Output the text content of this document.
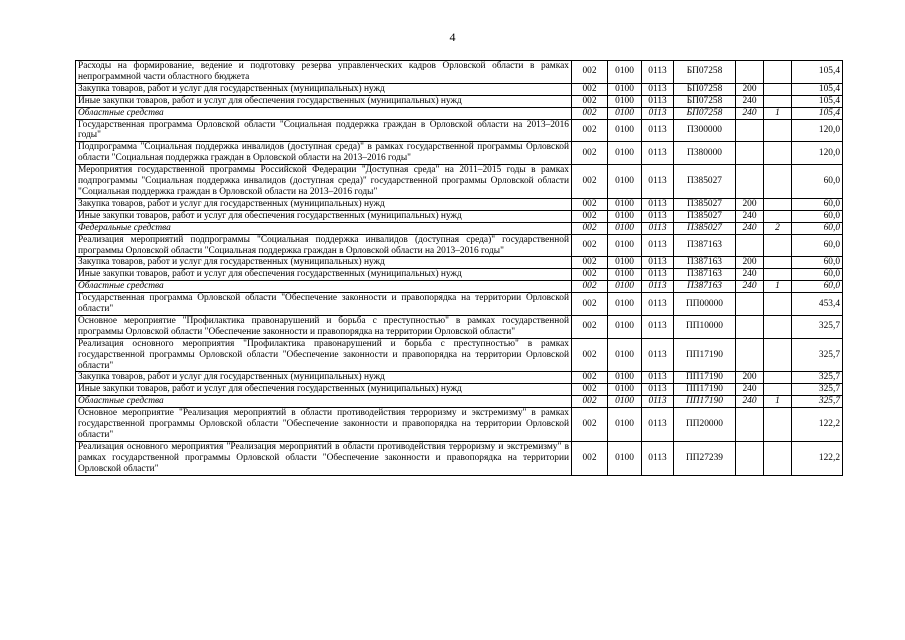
4
Расходы на формирование, ведение и подготовку резерва управленческих кадров Орловской области в рамках непрограммной части областного бюджета	002	0100	0113	БП07258			105,4
Закупка товаров, работ и услуг для государственных (муниципальных) нужд	002	0100	0113	БП07258	200		105,4
Иные закупки товаров, работ и услуг для обеспечения государственных (муниципальных) нужд	002	0100	0113	БП07258	240		105,4
Областные средства	002	0100	0113	БП07258	240	1	105,4
Государственная программа Орловской области "Социальная поддержка граждан в Орловской области на 2013–2016 годы"	002	0100	0113	П300000			120,0
Подпрограмма "Социальная поддержка инвалидов (доступная среда)" в рамках государственной программы Орловской области "Социальная поддержка граждан в Орловской области на 2013–2016 годы"	002	0100	0113	П380000			120,0
Мероприятия государственной программы Российской Федерации "Доступная среда" на 2011–2015 годы в рамках подпрограммы "Социальная поддержка инвалидов (доступная среда)" государственной программы Орловской области "Социальная поддержка граждан в Орловской области на 2013–2016 годы"	002	0100	0113	П385027			60,0
Закупка товаров, работ и услуг для государственных (муниципальных) нужд	002	0100	0113	П385027	200		60,0
Иные закупки товаров, работ и услуг для обеспечения государственных (муниципальных) нужд	002	0100	0113	П385027	240		60,0
Федеральные средства	002	0100	0113	П385027	240	2	60,0
Реализация мероприятий подпрограммы "Социальная поддержка инвалидов (доступная среда)" государственной программы Орловской области "Социальная поддержка граждан в Орловской области на 2013–2016 годы"	002	0100	0113	П387163			60,0
Закупка товаров, работ и услуг для государственных (муниципальных) нужд	002	0100	0113	П387163	200		60,0
Иные закупки товаров, работ и услуг для обеспечения государственных (муниципальных) нужд	002	0100	0113	П387163	240		60,0
Областные средства	002	0100	0113	П387163	240	1	60,0
Государственная программа Орловской области "Обеспечение законности и правопорядка на территории Орловской области"	002	0100	0113	ПП00000			453,4
Основное мероприятие "Профилактика правонарушений и борьба с преступностью" в рамках государственной программы Орловской области "Обеспечение законности и правопорядка на территории Орловской области"	002	0100	0113	ПП10000			325,7
Реализация основного мероприятия "Профилактика правонарушений и борьба с преступностью" в рамках государственной программы Орловской области "Обеспечение законности и правопорядка на территории Орловской области"	002	0100	0113	ПП17190			325,7
Закупка товаров, работ и услуг для государственных (муниципальных) нужд	002	0100	0113	ПП17190	200		325,7
Иные закупки товаров, работ и услуг для обеспечения государственных (муниципальных) нужд	002	0100	0113	ПП17190	240		325,7
Областные средства	002	0100	0113	ПП17190	240	1	325,7
Основное мероприятие "Реализация мероприятий в области противодействия терроризму и экстремизму" в рамках государственной программы Орловской области "Обеспечение законности и правопорядка на территории Орловской области"	002	0100	0113	ПП20000			122,2
Реализация основного мероприятия "Реализация мероприятий в области противодействия терроризму и экстремизму" в рамках государственной программы Орловской области "Обеспечение законности и правопорядка на территории Орловской области"	002	0100	0113	ПП27239			122,2
